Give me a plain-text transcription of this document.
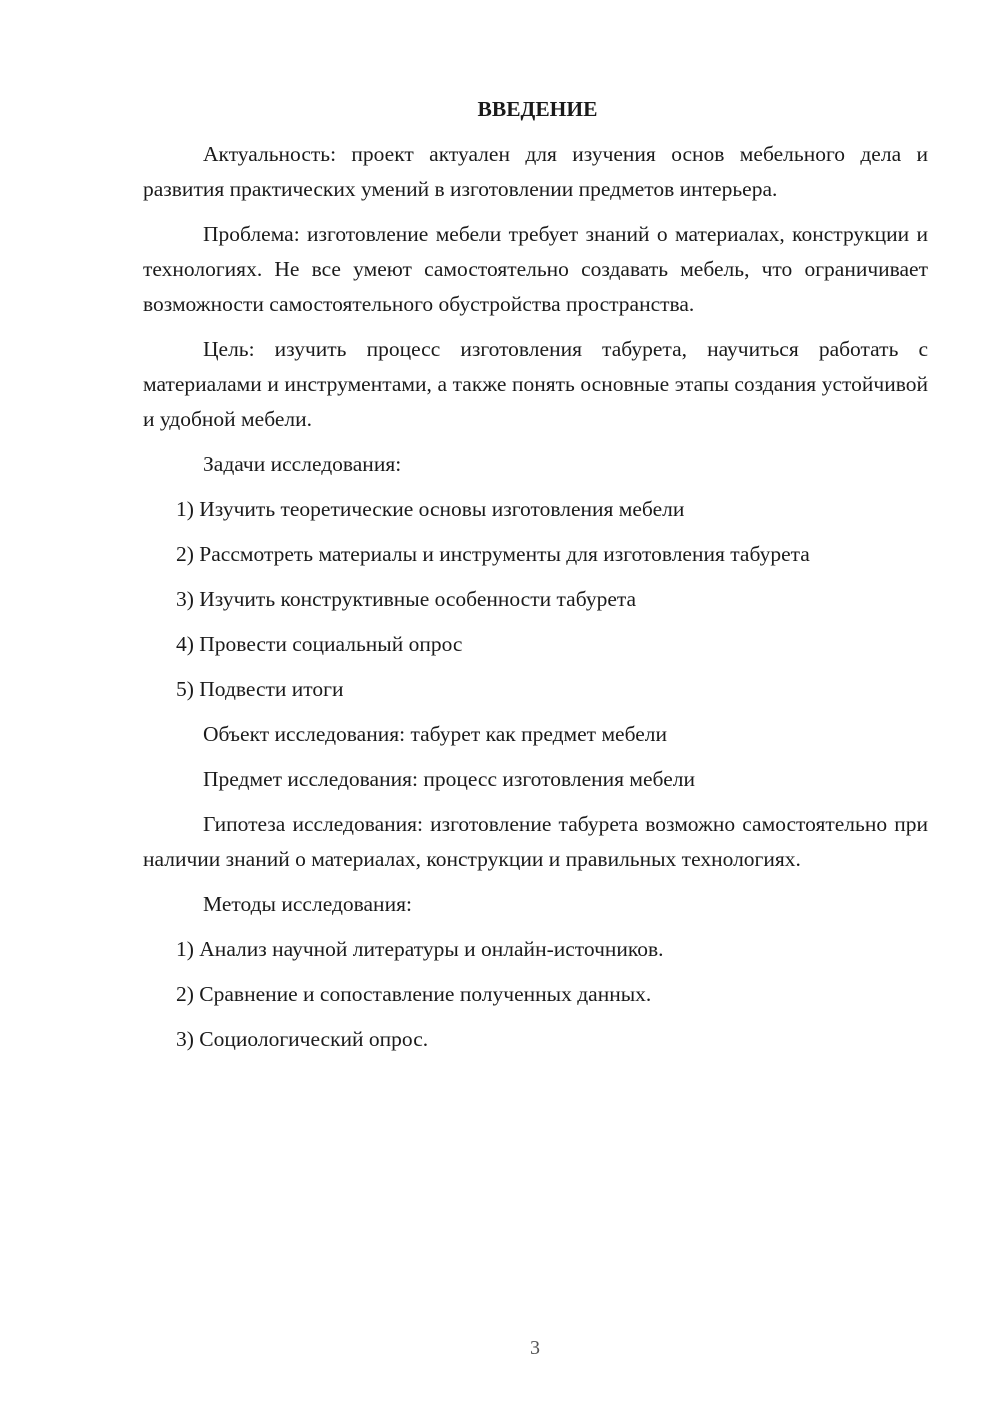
ВВЕДЕНИЕ

Актуальность: проект актуален для изучения основ мебельного дела и развития практических умений в изготовлении предметов интерьера.

Проблема: изготовление мебели требует знаний о материалах, конструкции и технологиях. Не все умеют самостоятельно создавать мебель, что ограничивает возможности самостоятельного обустройства пространства.

Цель: изучить процесс изготовления табурета, научиться работать с материалами и инструментами, а также понять основные этапы создания устойчивой и удобной мебели.

Задачи исследования:
1) Изучить теоретические основы изготовления мебели
2) Рассмотреть материалы и инструменты для изготовления табурета
3) Изучить конструктивные особенности табурета
4) Провести социальный опрос
5) Подвести итоги
Объект исследования: табурет как предмет мебели
Предмет исследования: процесс изготовления мебели

Гипотеза исследования: изготовление табурета возможно самостоятельно при наличии знаний о материалах, конструкции и правильных технологиях.

Методы исследования:
1) Анализ научной литературы и онлайн-источников.
2) Сравнение и сопоставление полученных данных.
3) Социологический опрос.
3
